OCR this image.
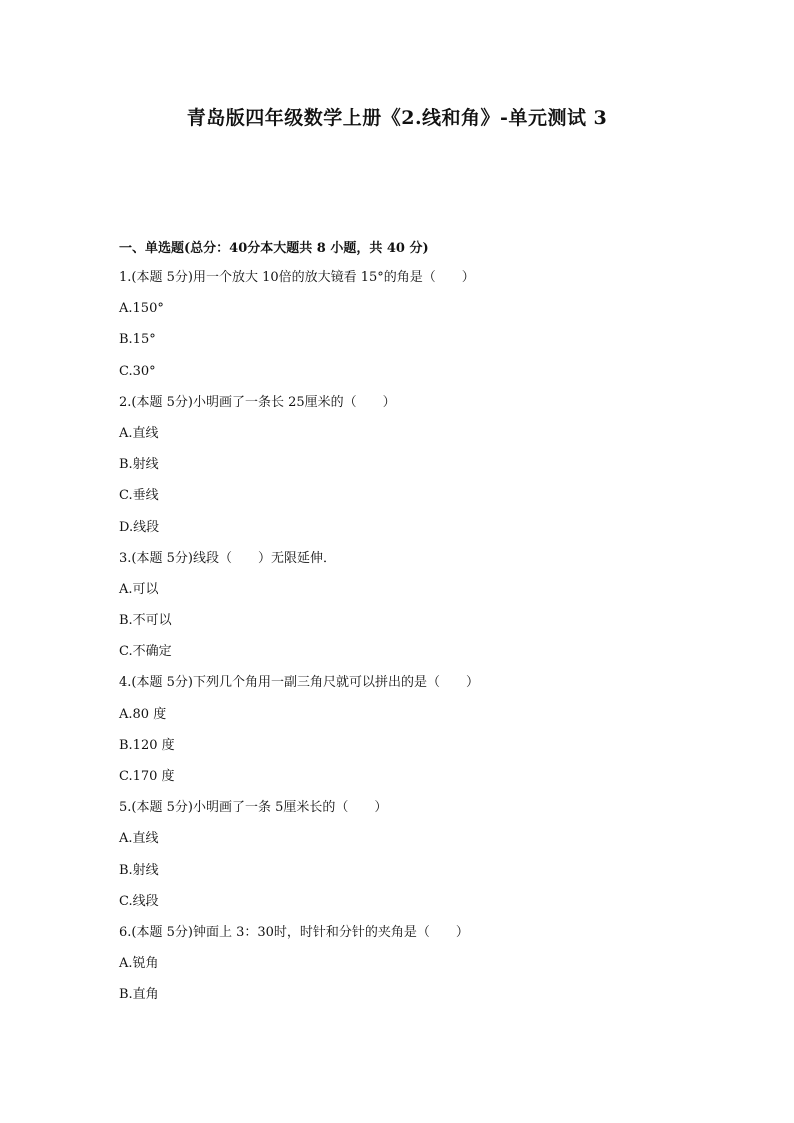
青岛版四年级数学上册《2.线和角》-单元测试 3
一、单选题(总分：40分本大题共 8 小题，共 40 分)
1.(本题 5分)用一个放大 10倍的放大镜看 15°的角是（　　）
A.150°
B.15°
C.30°
2.(本题 5分)小明画了一条长 25厘米的（　　）
A.直线
B.射线
C.垂线
D.线段
3.(本题 5分)线段（　　）无限延伸．
A.可以
B.不可以
C.不确定
4.(本题 5分)下列几个角用一副三角尺就可以拼出的是（　　）
A.80 度
B.120 度
C.170 度
5.(本题 5分)小明画了一条 5厘米长的（　　）
A.直线
B.射线
C.线段
6.(本题 5分)钟面上 3：30时，时针和分针的夹角是（　　）
A.锐角
B.直角
